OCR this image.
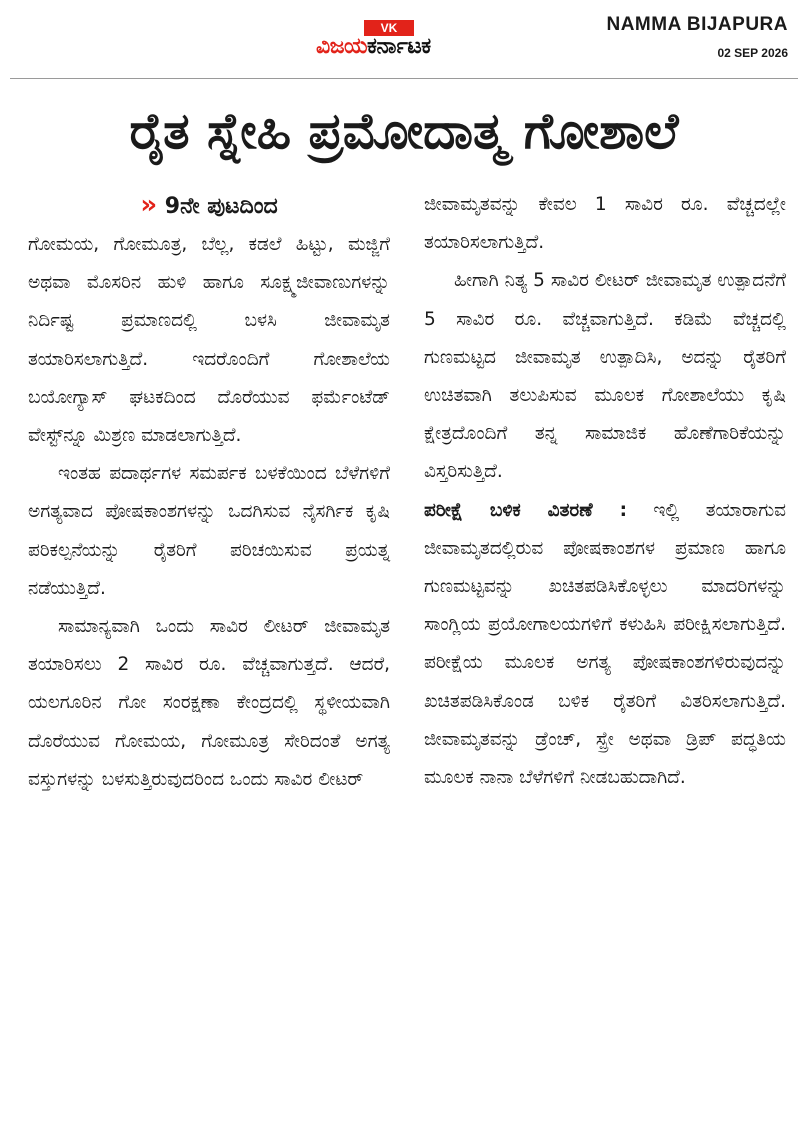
VK
ವಿಜಯಕರ್ನಾಟಕ
NAMMA BIJAPURA
02 SEP 2026
ರೈತ ಸ್ನೇಹಿ ಪ್ರಮೋದಾತ್ಮ ಗೋಶಾಲೆ
» 9ನೇ ಪುಟದಿಂದ

ಗೋಮಯ, ಗೋಮೂತ್ರ, ಬೆಲ್ಲ, ಕಡಲೆ ಹಿಟ್ಟು, ಮಜ್ಜಿಗೆ ಅಥವಾ ಮೊಸರಿನ ಹುಳಿ ಹಾಗೂ ಸೂಕ್ಷ್ಮಜೀವಾಣುಗಳನ್ನು ನಿರ್ದಿಷ್ಟ ಪ್ರಮಾಣದಲ್ಲಿ ಬಳಸಿ ಜೀವಾಮೃತ ತಯಾರಿಸಲಾಗುತ್ತಿದೆ. ಇದರೊಂದಿಗೆ ಗೋಶಾಲೆಯ ಬಯೋಗ್ಯಾಸ್ ಘಟಕದಿಂದ ದೊರೆಯುವ ಫರ್ಮೆಂಟೆಡ್ ವೇಸ್ಟ್‌ನ್ನೂ ಮಿಶ್ರಣ ಮಾಡಲಾಗುತ್ತಿದೆ.

ಇಂತಹ ಪದಾರ್ಥಗಳ ಸಮರ್ಪಕ ಬಳಕೆಯಿಂದ ಬೆಳೆಗಳಿಗೆ ಅಗತ್ಯವಾದ ಪೋಷಕಾಂಶಗಳನ್ನು ಒದಗಿಸುವ ನೈಸರ್ಗಿಕ ಕೃಷಿ ಪರಿಕಲ್ಪನೆಯನ್ನು ರೈತರಿಗೆ ಪರಿಚಯಿಸುವ ಪ್ರಯತ್ನ ನಡೆಯುತ್ತಿದೆ.

ಸಾಮಾನ್ಯವಾಗಿ ಒಂದು ಸಾವಿರ ಲೀಟರ್ ಜೀವಾಮೃತ ತಯಾರಿಸಲು 2 ಸಾವಿರ ರೂ. ವೆಚ್ಚವಾಗುತ್ತದೆ. ಆದರೆ, ಯಲಗೂರಿನ ಗೋ ಸಂರಕ್ಷಣಾ ಕೇಂದ್ರದಲ್ಲಿ ಸ್ಥಳೀಯವಾಗಿ ದೊರೆಯುವ ಗೋಮಯ, ಗೋಮೂತ್ರ ಸೇರಿದಂತೆ ಅಗತ್ಯ ವಸ್ತುಗಳನ್ನು ಬಳಸುತ್ತಿರುವುದರಿಂದ ಒಂದು ಸಾವಿರ ಲೀಟರ್

ಜೀವಾಮೃತವನ್ನು ಕೇವಲ 1 ಸಾವಿರ ರೂ. ವೆಚ್ಚದಲ್ಲೇ ತಯಾರಿಸಲಾಗುತ್ತಿದೆ.

ಹೀಗಾಗಿ ನಿತ್ಯ 5 ಸಾವಿರ ಲೀಟರ್ ಜೀವಾಮೃತ ಉತ್ಪಾದನೆಗೆ 5 ಸಾವಿರ ರೂ. ವೆಚ್ಚವಾಗುತ್ತಿದೆ. ಕಡಿಮೆ ವೆಚ್ಚದಲ್ಲಿ ಗುಣಮಟ್ಟದ ಜೀವಾಮೃತ ಉತ್ಪಾದಿಸಿ, ಅದನ್ನು ರೈತರಿಗೆ ಉಚಿತವಾಗಿ ತಲುಪಿಸುವ ಮೂಲಕ ಗೋಶಾಲೆಯು ಕೃಷಿ ಕ್ಷೇತ್ರದೊಂದಿಗೆ ತನ್ನ ಸಾಮಾಜಿಕ ಹೊಣೆಗಾರಿಕೆಯನ್ನು ವಿಸ್ತರಿಸುತ್ತಿದೆ.

ಪರೀಕ್ಷೆ ಬಳಿಕ ವಿತರಣೆ : ಇಲ್ಲಿ ತಯಾರಾಗುವ ಜೀವಾಮೃತದಲ್ಲಿರುವ ಪೋಷಕಾಂಶಗಳ ಪ್ರಮಾಣ ಹಾಗೂ ಗುಣಮಟ್ಟವನ್ನು ಖಚಿತಪಡಿಸಿಕೊಳ್ಳಲು ಮಾದರಿಗಳನ್ನು ಸಾಂಗ್ಲಿಯ ಪ್ರಯೋಗಾಲಯಗಳಿಗೆ ಕಳುಹಿಸಿ ಪರೀಕ್ಷಿಸಲಾಗುತ್ತಿದೆ. ಪರೀಕ್ಷೆಯ ಮೂಲಕ ಅಗತ್ಯ ಪೋಷಕಾಂಶಗಳಿರುವುದನ್ನು ಖಚಿತಪಡಿಸಿಕೊಂಡ ಬಳಿಕ ರೈತರಿಗೆ ವಿತರಿಸಲಾಗುತ್ತಿದೆ. ಜೀವಾಮೃತವನ್ನು ಡ್ರೆಂಚ್, ಸ್ಪ್ರೇ ಅಥವಾ ಡ್ರಿಪ್ ಪದ್ಧತಿಯ ಮೂಲಕ ನಾನಾ ಬೆಳೆಗಳಿಗೆ ನೀಡಬಹುದಾಗಿದೆ.
